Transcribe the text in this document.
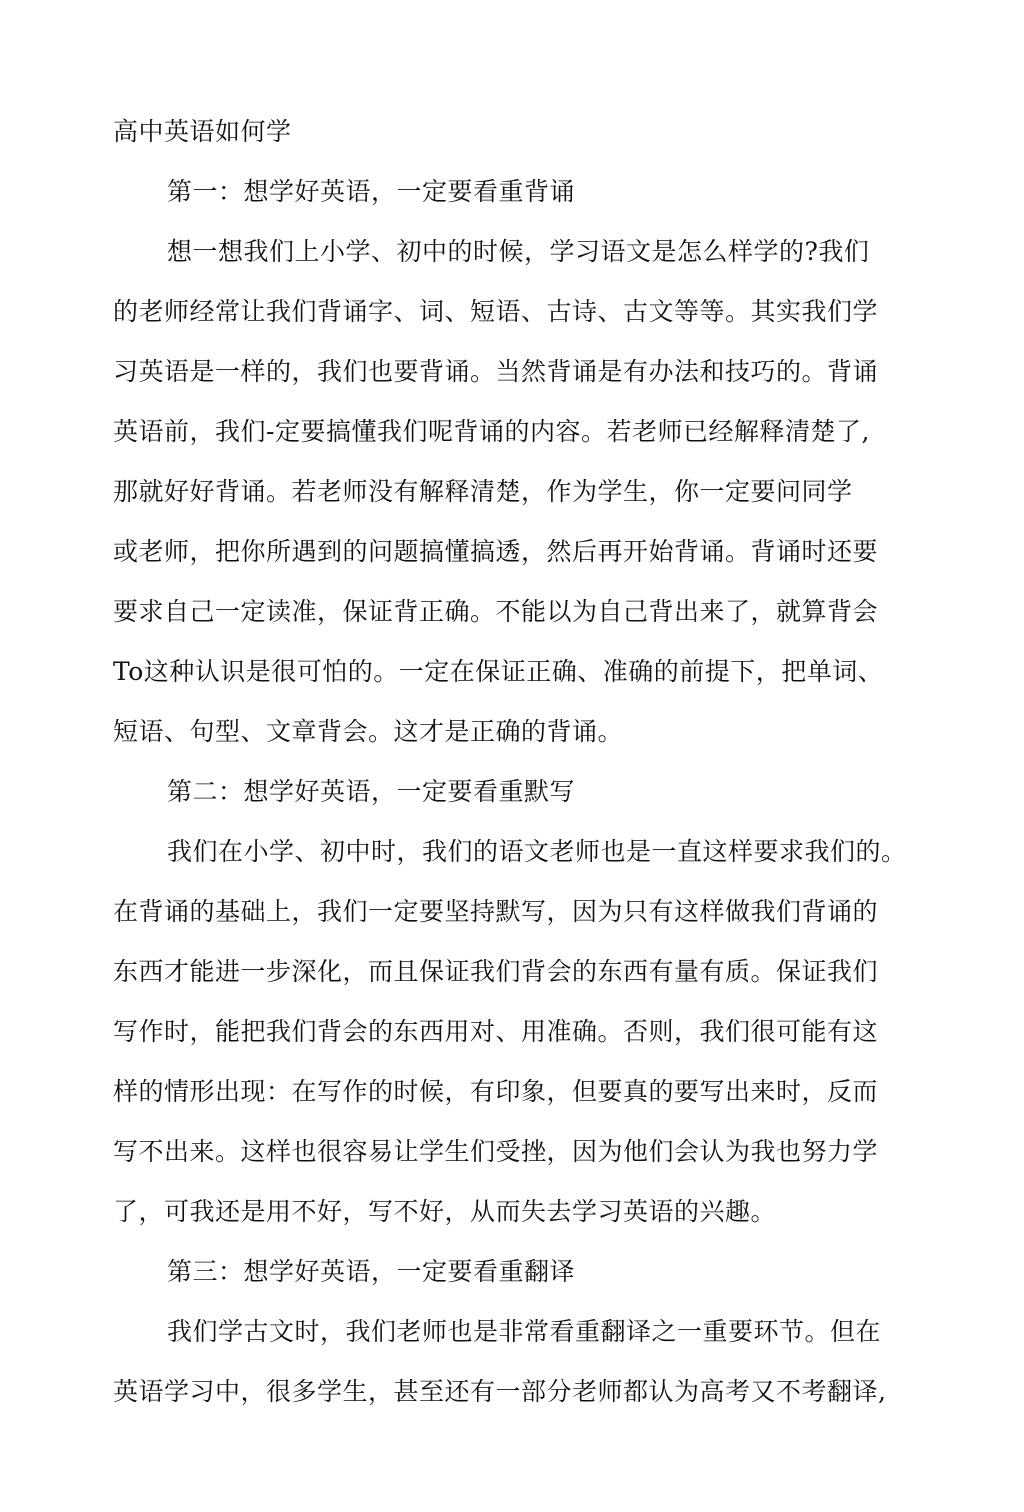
高中英语如何学
第一：想学好英语，一定要看重背诵
想一想我们上小学、初中的时候，学习语文是怎么样学的?我们
的老师经常让我们背诵字、词、短语、古诗、古文等等。其实我们学
习英语是一样的，我们也要背诵。当然背诵是有办法和技巧的。背诵
英语前，我们-定要搞懂我们呢背诵的内容。若老师已经解释清楚了,
那就好好背诵。若老师没有解释清楚，作为学生，你一定要问同学
或老师，把你所遇到的问题搞懂搞透，然后再开始背诵。背诵时还要
要求自己一定读准，保证背正确。不能以为自己背出来了，就算背会
To这种认识是很可怕的。一定在保证正确、准确的前提下，把单词、
短语、句型、文章背会。这才是正确的背诵。
第二：想学好英语，一定要看重默写
我们在小学、初中时，我们的语文老师也是一直这样要求我们的。
在背诵的基础上，我们一定要坚持默写，因为只有这样做我们背诵的
东西才能进一步深化，而且保证我们背会的东西有量有质。保证我们
写作时，能把我们背会的东西用对、用准确。否则，我们很可能有这
样的情形出现：在写作的时候，有印象，但要真的要写出来时，反而
写不出来。这样也很容易让学生们受挫，因为他们会认为我也努力学
了，可我还是用不好，写不好，从而失去学习英语的兴趣。
第三：想学好英语，一定要看重翻译
我们学古文时，我们老师也是非常看重翻译之一重要环节。但在
英语学习中，很多学生，甚至还有一部分老师都认为高考又不考翻译,
